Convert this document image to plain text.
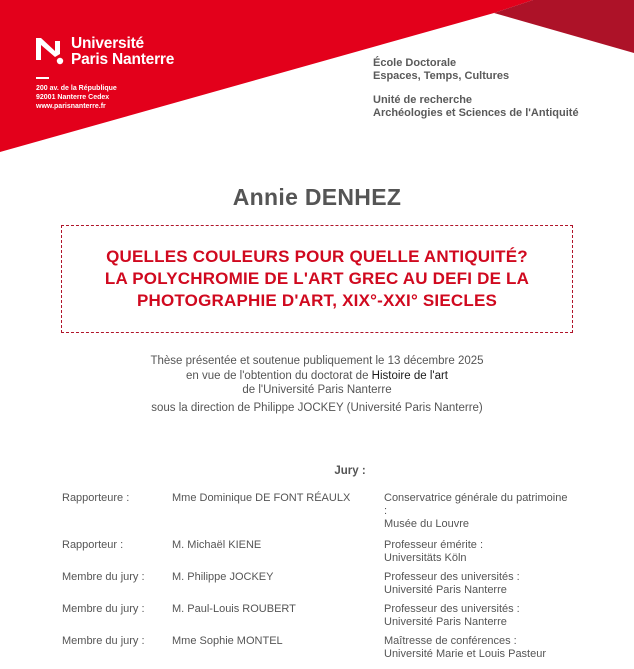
Université
Paris Nanterre
200 av. de la République
92001 Nanterre Cedex
www.parisnanterre.fr
École Doctorale
Espaces, Temps, Cultures
Unité de recherche
Archéologies et Sciences de l'Antiquité
Annie DENHEZ

QUELLES COULEURS POUR QUELLE ANTIQUITÉ?
LA POLYCHROMIE DE L'ART GREC AU DEFI DE LA
PHOTOGRAPHIE D'ART, XIX°-XXI° SIECLES

Thèse présentée et soutenue publiquement le 13 décembre 2025
en vue de l'obtention du doctorat de Histoire de l'art
de l'Université Paris Nanterre
sous la direction de Philippe JOCKEY (Université Paris Nanterre)
Jury :
Rapporteure :	Mme Dominique DE FONT RÉAULX	Conservatrice générale du patrimoine
:
Musée du Louvre
Rapporteur :	M. Michaël KIENE	Professeur émérite :
Universitäts Köln
Membre du jury : M. Philippe JOCKEY	Professeur des universités :
Université Paris Nanterre
Membre du jury : M. Paul-Louis ROUBERT	Professeur des universités :
Université Paris Nanterre
Membre du jury : Mme Sophie MONTEL	Maîtresse de conférences :
Université Marie et Louis Pasteur
